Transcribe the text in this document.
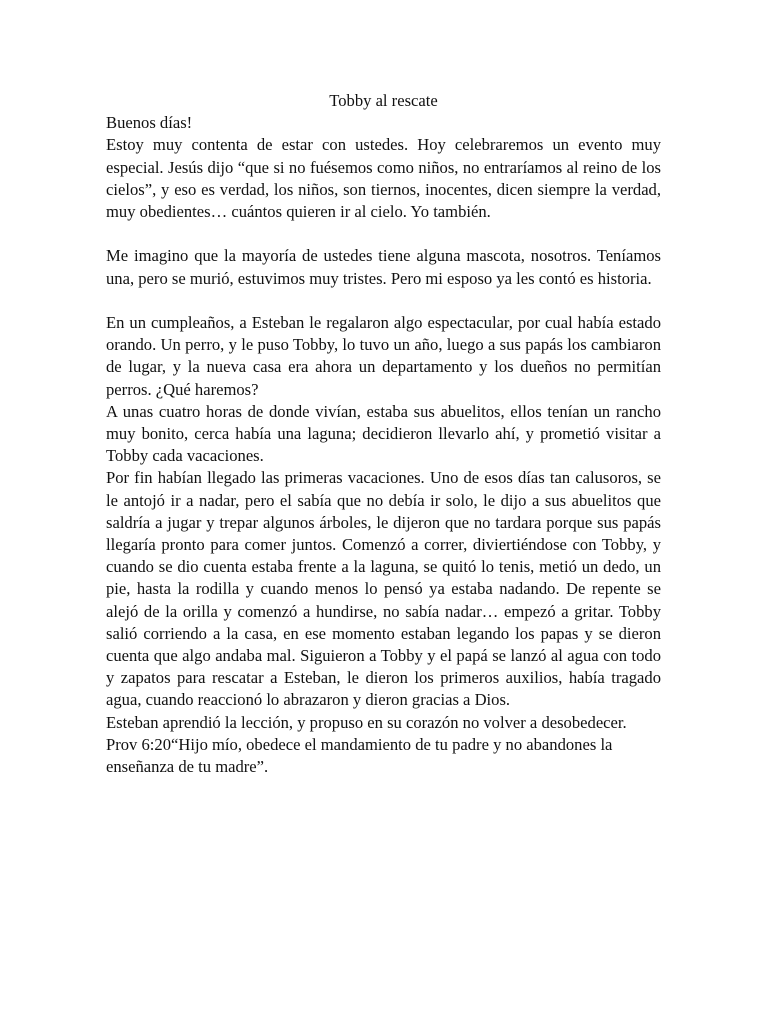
Tobby al rescate

Buenos días!

Estoy muy contenta de estar con ustedes. Hoy celebraremos un evento muy especial. Jesús dijo “que si no fuésemos como niños, no entraríamos al reino de los cielos”, y eso es verdad, los niños, son tiernos, inocentes, dicen siempre la verdad, muy obedientes… cuántos quieren ir al cielo. Yo también.

Me imagino que la mayoría de ustedes tiene alguna mascota, nosotros. Teníamos una, pero se murió, estuvimos muy tristes. Pero mi esposo ya les contó es historia.

En un cumpleaños, a Esteban le regalaron algo espectacular, por cual había estado orando. Un perro, y le puso Tobby, lo tuvo un año, luego a sus papás los cambiaron de lugar, y la nueva casa era ahora un departamento y los dueños no permitían perros. ¿Qué haremos?

A unas cuatro horas de donde vivían, estaba sus abuelitos, ellos tenían un rancho muy bonito, cerca había una laguna; decidieron llevarlo ahí, y prometió visitar a Tobby cada vacaciones.

Por fin habían llegado las primeras vacaciones. Uno de esos días tan calusoros, se le antojó ir a nadar, pero el sabía que no debía ir solo, le dijo a sus abuelitos que saldría a jugar y trepar algunos árboles, le dijeron que no tardara porque sus papás llegaría pronto para comer juntos. Comenzó a correr, diviertiéndose con Tobby, y cuando se dio cuenta estaba frente a la laguna, se quitó lo tenis, metió un dedo, un pie, hasta la rodilla y cuando menos lo pensó ya estaba nadando. De repente se alejó de la orilla y comenzó a hundirse, no sabía nadar… empezó a gritar. Tobby salió corriendo a la casa, en ese momento estaban legando los papas y se dieron cuenta que algo andaba mal. Siguieron a Tobby y el papá se lanzó al agua con todo y zapatos para rescatar a Esteban, le dieron los primeros auxilios, había tragado agua, cuando reaccionó lo abrazaron y dieron gracias a Dios.

Esteban aprendió la lección, y propuso en su corazón no volver a desobedecer.

Prov 6:20“Hijo mío, obedece el mandamiento de tu padre y no abandones la

enseñanza de tu madre”.
